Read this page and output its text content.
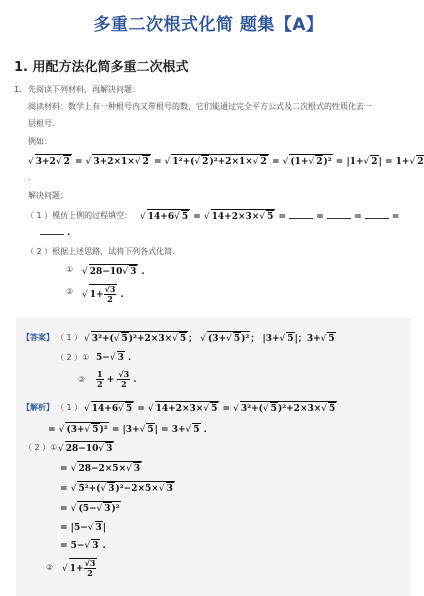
多重二次根式化简 题集【A】
1. 用配方法化简多重二次根式
1. 先阅读下列材料，再解决问题：
阅读材料：数学上有一种根号内又带根号的数，它们能通过完全平方公式及二次根式的性质化去一
层根号．
例如：
√ 3+2√ 2 = √ 3+2×1×√ 2 = √ 1²+(√ 2)²+2×1×√ 2 = √ (1+√ 2)² = |1+√ 2| = 1+√ 2
.
解决问题：
（ 1 ）模仿上例的过程填空： √ 14+6√ 5 = √ 14+2×3×√ 5 =	=	=	=
.
（ 2 ）根据上述思路，试将下列各式化简．
① √ 28−10√ 3 .
② √ $1+ \frac{√3}{2}$ .
【答案】 （ 1 ） √ 3²+(√ 5)²+2×3×√ 5 ； √ (3+√ 5)²； |3+√ 5|；3+√ 5
（ 2 ）① 5−√ 3 .
② $\frac{1}{2} + \frac{√3}{2}$ .
【解析】 （ 1 ） √ 14+6√ 5 = √ 14+2×3×√ 5 = √ 3²+(√ 5)²+2×3×√ 5
= √ (3+√ 5)² = |3+√ 5| = 3+√ 5 .
（ 2 ）① √ 28−10√ 3
= √ 28−2×5×√ 3
= √ 5²+(√ 3)²−2×5×√ 3
= √ (5−√ 3)²
= |5−√ 3|
= 5−√ 3 .
② √ $1+ \frac{√3}{2}$
